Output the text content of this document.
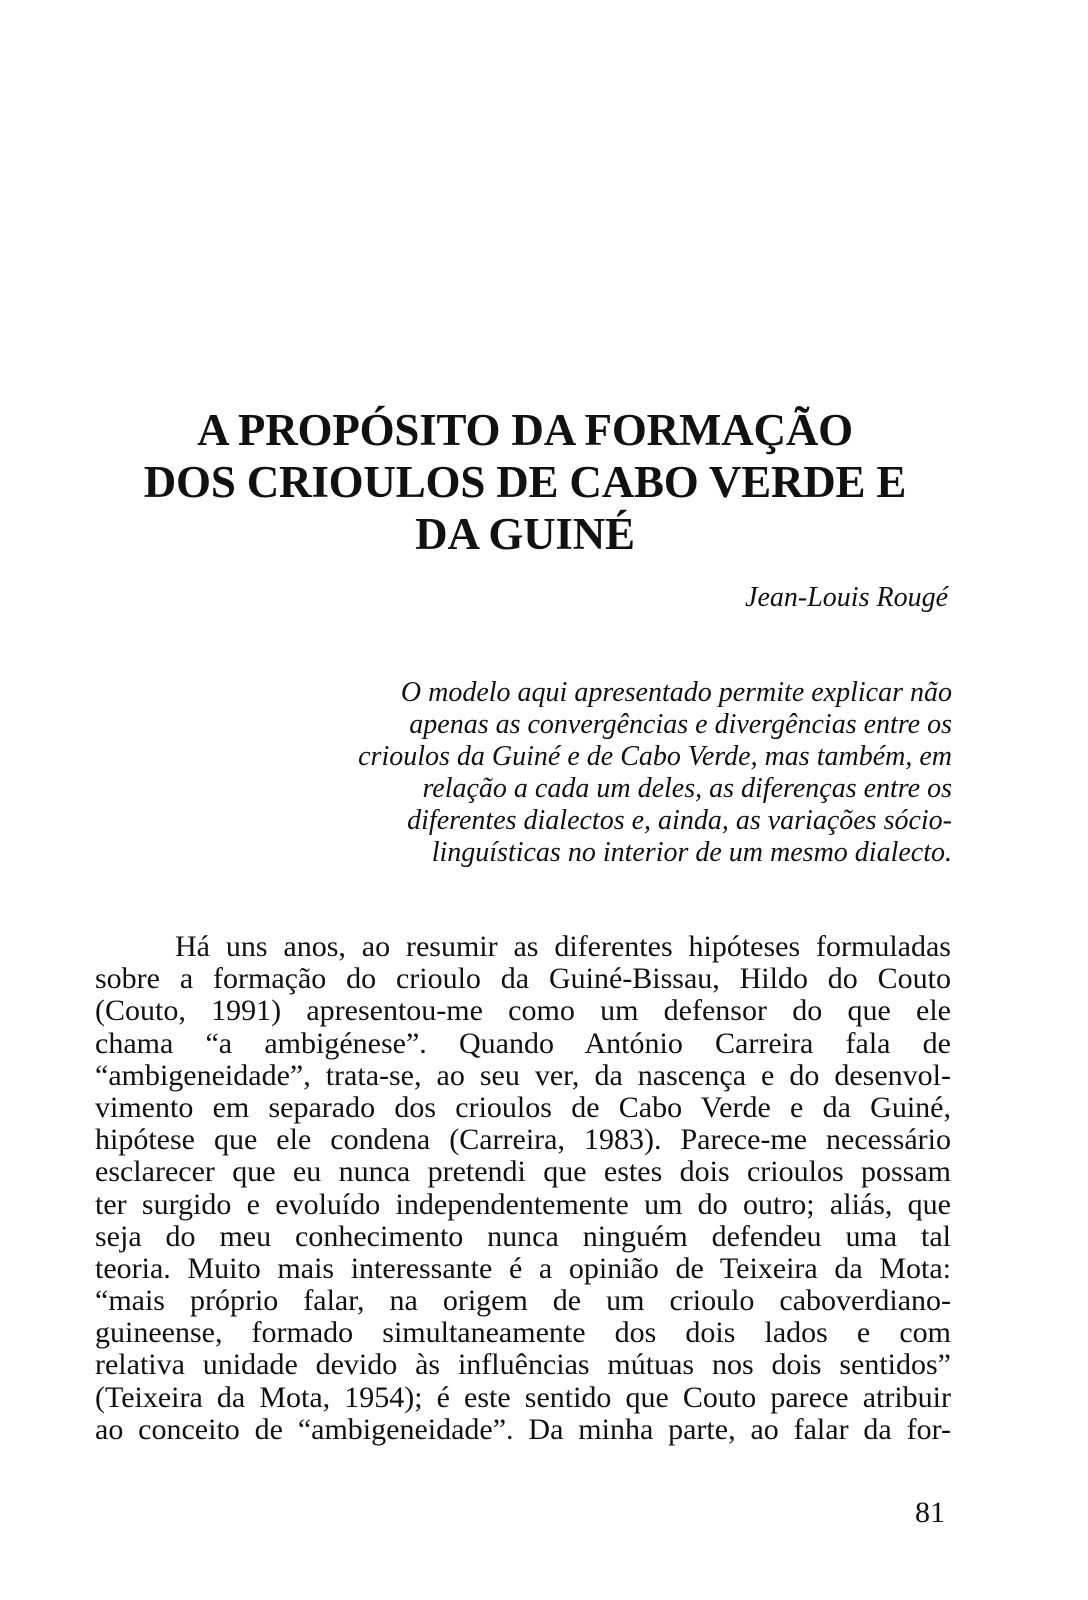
A PROPÓSITO DA FORMAÇÃO
DOS CRIOULOS DE CABO VERDE E
DA GUINÉ
Jean-Louis Rougé
O modelo aqui apresentado permite explicar não
apenas as convergências e divergências entre os
crioulos da Guiné e de Cabo Verde, mas também, em
relação a cada um deles, as diferenças entre os
diferentes dialectos e, ainda, as variações sócio-
linguísticas no interior de um mesmo dialecto.
Há uns anos, ao resumir as diferentes hipóteses formuladas
sobre a formação do crioulo da Guiné-Bissau, Hildo do Couto
(Couto, 1991) apresentou-me como um defensor do que ele
chama “a ambigénese”. Quando António Carreira fala de
“ambigeneidade”, trata-se, ao seu ver, da nascença e do desenvol-
vimento em separado dos crioulos de Cabo Verde e da Guiné,
hipótese que ele condena (Carreira, 1983). Parece-me necessário
esclarecer que eu nunca pretendi que estes dois crioulos possam
ter surgido e evoluído independentemente um do outro; aliás, que
seja do meu conhecimento nunca ninguém defendeu uma tal
teoria. Muito mais interessante é a opinião de Teixeira da Mota:
“mais próprio falar, na origem de um crioulo caboverdiano-
guineense, formado simultaneamente dos dois lados e com
relativa unidade devido às influências mútuas nos dois sentidos”
(Teixeira da Mota, 1954); é este sentido que Couto parece atribuir
ao conceito de “ambigeneidade”. Da minha parte, ao falar da for-
81
